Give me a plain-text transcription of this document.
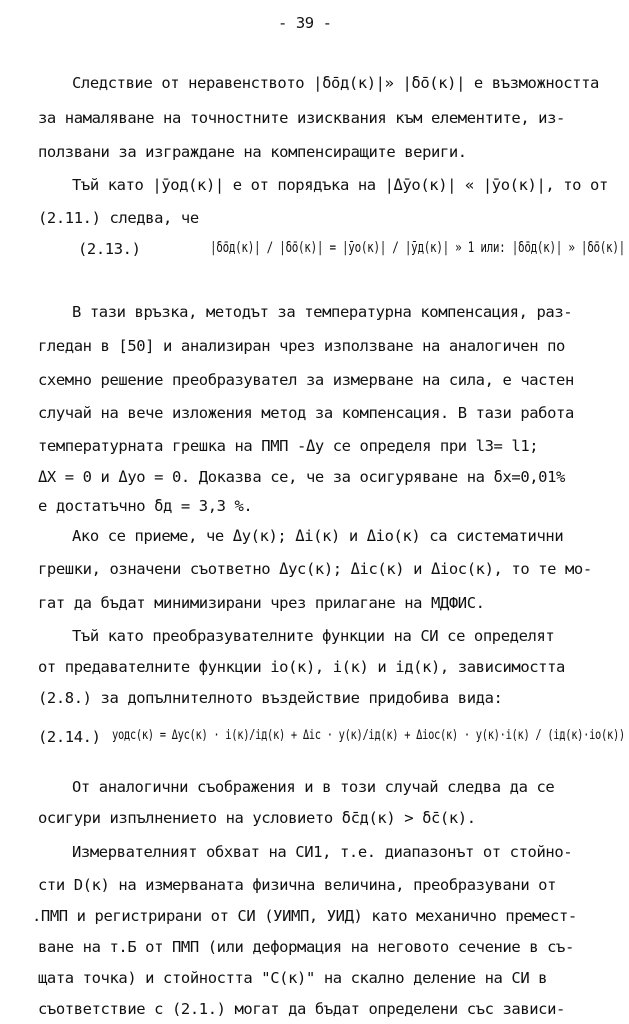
- 39 -
Следствие от неравенството |δ̄од(к)|» |δ̄о(к)| е възможността
за намаляване на точностните изисквания към елементите, из-
ползвани за изграждане на компенсиращите вериги.
Тъй като |ȳод(к)| е от порядъка на |Δȳо(к)| « |ȳо(к)|, то от
(2.11.) следва, че
(2.13.)	|δ̄од(к)| / |δ̄о(к)| = |ȳо(к)| / |ȳд(к)| » 1 или: |δ̄од(к)| » |δ̄о(к)|
В тази връзка, методът за температурна компенсация, раз-
гледан в [50] и анализиран чрез използване на аналогичен по
схемно решение преобразувател за измерване на сила, е частен
случай на вече изложения метод за компенсация. В тази работа
температурната грешка на ПМП -Δy се определя при l3= l1;
ΔX = 0 и Δyо = 0. Доказва се, че за осигуряване на δx=0,01%
е достатъчно δд = 3,3 %.
Ако се приеме, че Δy(к); Δi(к) и Δiо(к) са систематични
грешки, означени съответно Δyс(к); Δiс(к) и Δiос(к), то те мо-
гат да бъдат минимизирани чрез прилагане на МДФИС.
Тъй като преобразувателните функции на СИ се определят
от предавателните функции iо(к), i(к) и iд(к), зависимостта
(2.8.) за допълнителното въздействие придобива вида:
(2.14.) yодс(к) = Δyс(к) · i(к)/iд(к) + Δiс · y(к)/iд(к) + Δiос(к) · y(к)·i(к) / (iд(к)·iо(к))
От аналогични съображения и в този случай следва да се
осигури изпълнението на условието δ̄сд(к) > δ̄с(к).
Измервателният обхват на СИ1, т.е. диапазонът от стойно-
сти D(к) на измерваната физична величина, преобразувани от
.ПМП и регистрирани от СИ (УИМП, УИД) като механично премест-
ване на т.Б от ПМП (или деформация на неговото сечение в съ-
щата точка) и стойността "С(к)" на скално деление на СИ в
съответствие с (2.1.) могат да бъдат определени със зависи-
